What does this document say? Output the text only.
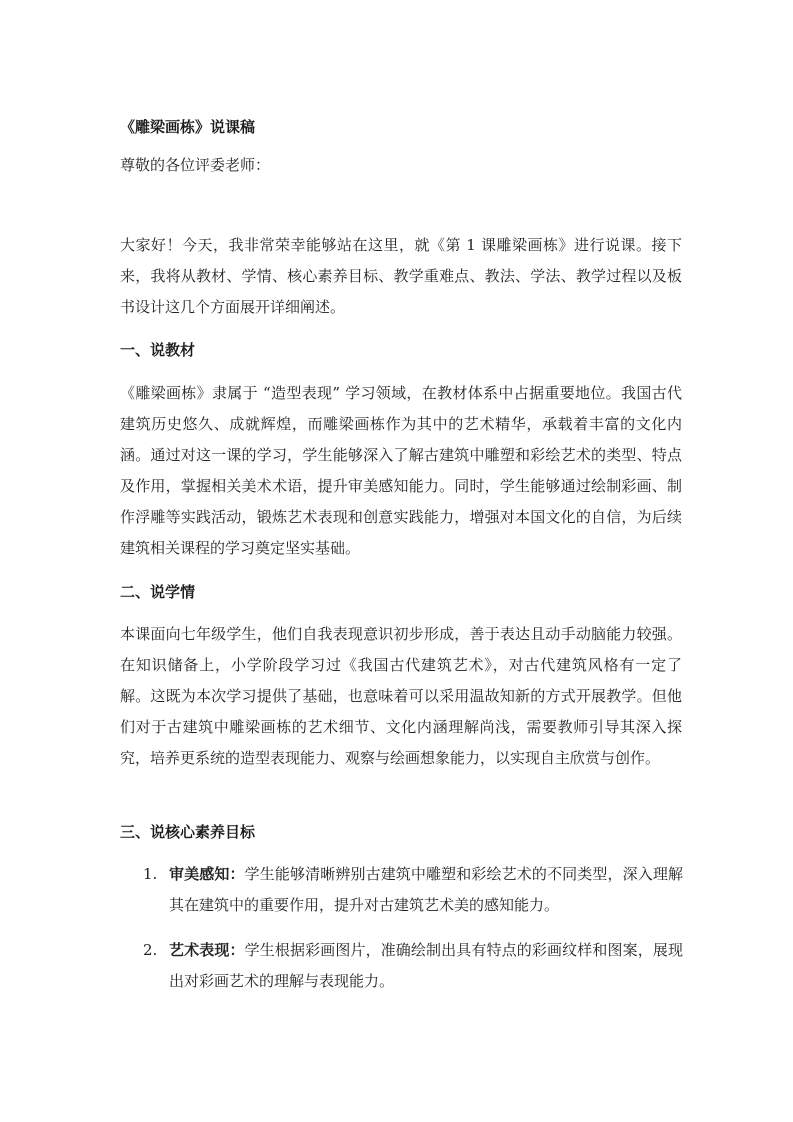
《雕梁画栋》说课稿
尊敬的各位评委老师：

大家好！今天，我非常荣幸能够站在这里，就《第 1 课雕梁画栋》进行说课。接下来，我将从教材、学情、核心素养目标、教学重难点、教法、学法、教学过程以及板书设计这几个方面展开详细阐述。

一、说教材

《雕梁画栋》隶属于 “造型表现” 学习领域，在教材体系中占据重要地位。我国古代建筑历史悠久、成就辉煌，而雕梁画栋作为其中的艺术精华，承载着丰富的文化内涵。通过对这一课的学习，学生能够深入了解古建筑中雕塑和彩绘艺术的类型、特点及作用，掌握相关美术术语，提升审美感知能力。同时，学生能够通过绘制彩画、制作浮雕等实践活动，锻炼艺术表现和创意实践能力，增强对本国文化的自信，为后续建筑相关课程的学习奠定坚实基础。

二、说学情

本课面向七年级学生，他们自我表现意识初步形成，善于表达且动手动脑能力较强。在知识储备上，小学阶段学习过《我国古代建筑艺术》，对古代建筑风格有一定了解。这既为本次学习提供了基础，也意味着可以采用温故知新的方式开展教学。但他们对于古建筑中雕梁画栋的艺术细节、文化内涵理解尚浅，需要教师引导其深入探究，培养更系统的造型表现能力、观察与绘画想象能力，以实现自主欣赏与创作。

三、说核心素养目标
1. 审美感知：学生能够清晰辨别古建筑中雕塑和彩绘艺术的不同类型，深入理解其在建筑中的重要作用，提升对古建筑艺术美的感知能力。
2. 艺术表现：学生根据彩画图片，准确绘制出具有特点的彩画纹样和图案，展现出对彩画艺术的理解与表现能力。
